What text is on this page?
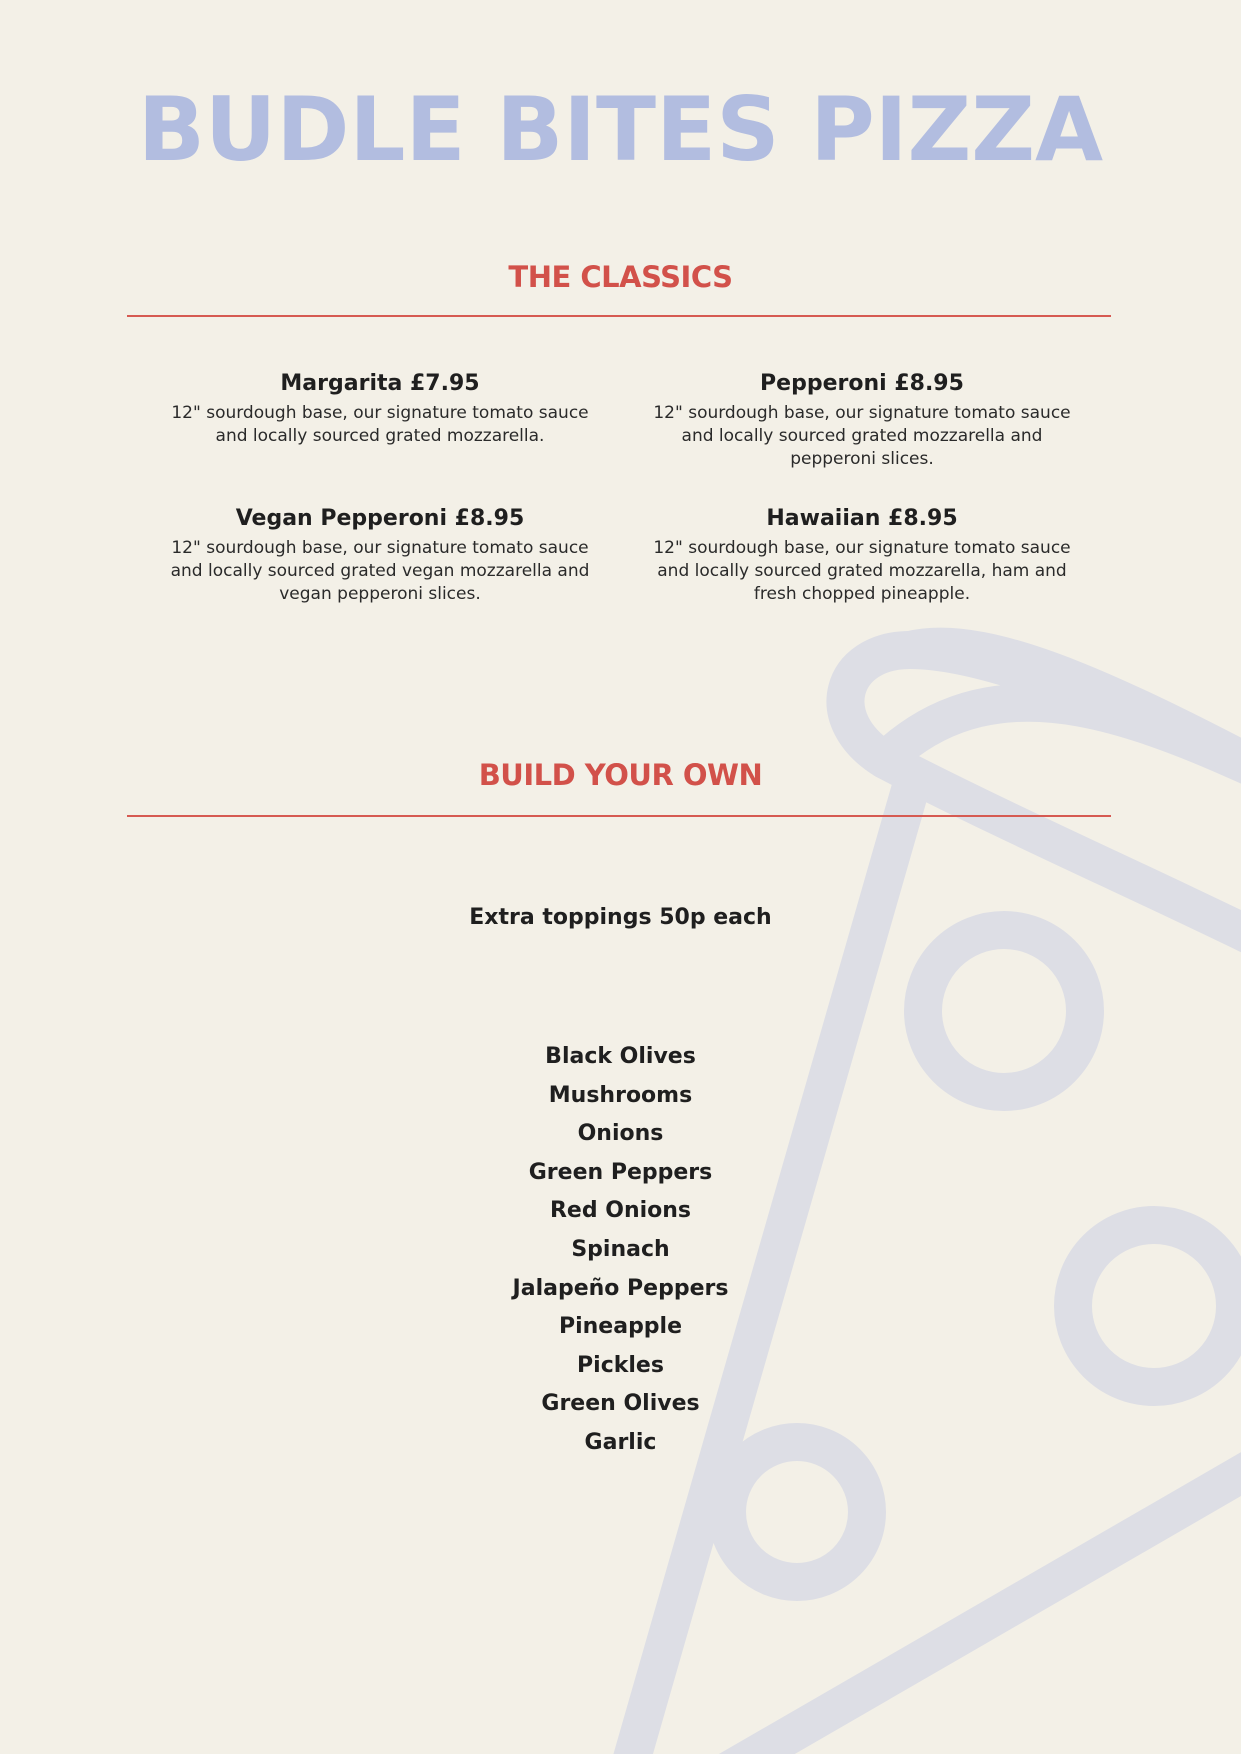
BUDLE BITES PIZZA
THE CLASSICS
Margarita £7.95
12" sourdough base, our signature tomato sauce and locally sourced grated mozzarella.
Pepperoni £8.95
12" sourdough base, our signature tomato sauce and locally sourced grated mozzarella and pepperoni slices.
Vegan Pepperoni £8.95
12" sourdough base, our signature tomato sauce and locally sourced grated vegan mozzarella and vegan pepperoni slices.
Hawaiian £8.95
12" sourdough base, our signature tomato sauce and locally sourced grated mozzarella, ham and fresh chopped pineapple.
BUILD YOUR OWN
Extra toppings 50p each
Black Olives
Mushrooms
Onions
Green Peppers
Red Onions
Spinach
Jalapeño Peppers
Pineapple
Pickles
Green Olives
Garlic
